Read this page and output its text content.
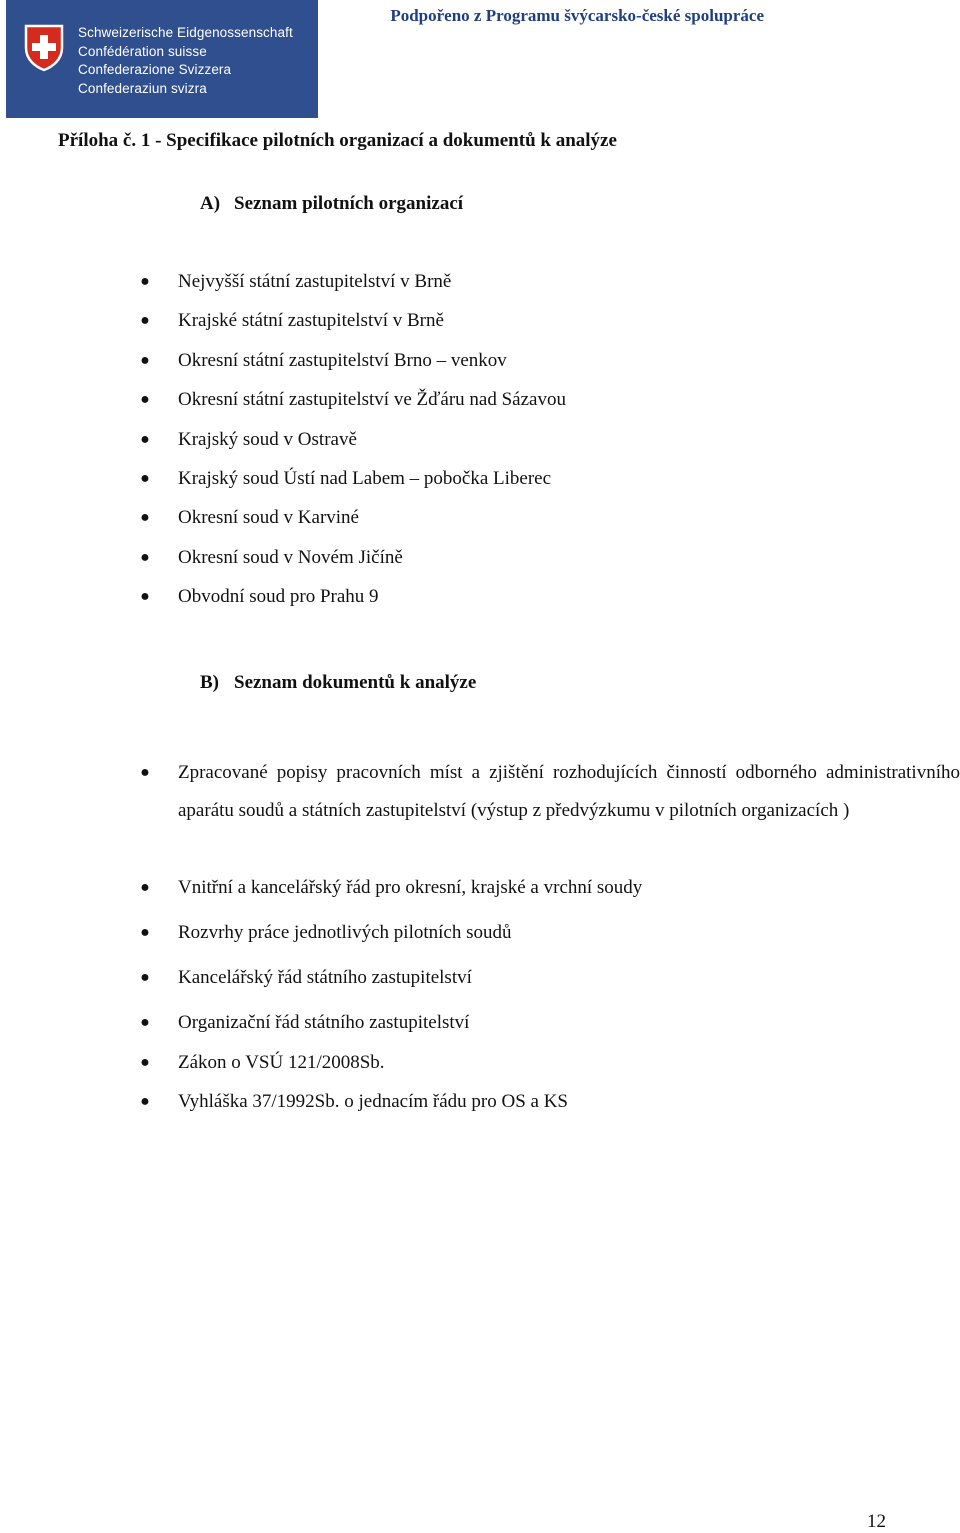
Schweizerische Eidgenossenschaft
Confédération suisse
Confederazione Svizzera
Confederaziun svizra
Podpořeno z Programu švýcarsko-české spolupráce
Příloha č. 1 - Specifikace pilotních organizací a dokumentů k analýze
A) Seznam pilotních organizací
● Nejvyšší státní zastupitelství v Brně
● Krajské státní zastupitelství v Brně
● Okresní státní zastupitelství Brno – venkov
● Okresní státní zastupitelství ve Žďáru nad Sázavou
● Krajský soud v Ostravě
● Krajský soud Ústí nad Labem – pobočka Liberec
● Okresní soud v Karviné
● Okresní soud v Novém Jičíně
● Obvodní soud pro Prahu 9
B) Seznam dokumentů k analýze
● Zpracované popisy pracovních míst a zjištění rozhodujících činností odborného administrativního aparátu soudů a státních zastupitelství (výstup z předvýzkumu v pilotních organizacích )
● Vnitřní a kancelářský řád pro okresní, krajské a vrchní soudy
● Rozvrhy práce jednotlivých pilotních soudů
● Kancelářský řád státního zastupitelství
● Organizační řád státního zastupitelství
● Zákon o VSÚ 121/2008Sb.
● Vyhláška 37/1992Sb. o jednacím řádu pro OS a KS
12
